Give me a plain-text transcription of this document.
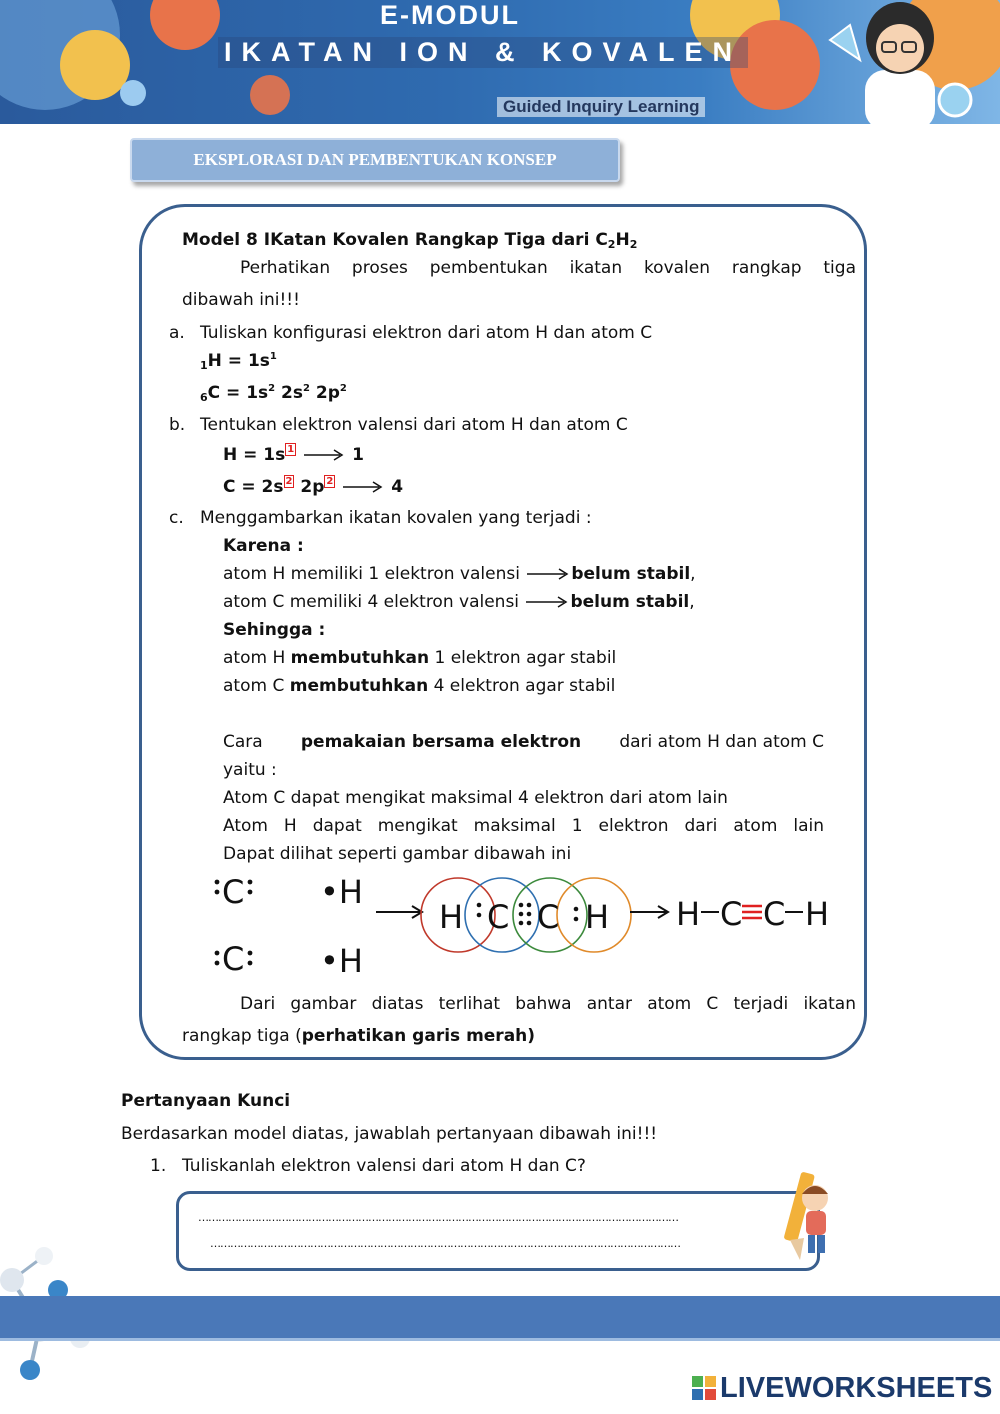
E-MODUL
IKATAN ION & KOVALEN
Guided Inquiry Learning
EKSPLORASI DAN PEMBENTUKAN KONSEP
Model 8 IKatan Kovalen Rangkap Tiga dari $C_2H_2$
Perhatikan proses pembentukan ikatan kovalen rangkap tiga
dibawah ini!!!
a. Tuliskan konfigurasi elektron dari atom H dan atom C
$_1H = 1s^1$
$_6C = 1s^2$ $2s^2$ $2p^2$
b. Tentukan elektron valensi dari atom H dan atom C
H = 1s 1	1
C = 2s 2 2p 2	4
c. Menggambarkan ikatan kovalen yang terjadi :
Karena :
atom H memiliki 1 elektron valensi	belum stabil,
atom C memiliki 4 elektron valensi	belum stabil,
Sehingga :
atom H membutuhkan 1 elektron agar stabil
atom C membutuhkan 4 elektron agar stabil
Cara pemakaian bersama elektron dari atom H dan atom C
yaitu :
Atom C dapat mengikat maksimal 4 elektron dari atom lain
Atom H dapat mengikat maksimal 1 elektron dari atom lain
Dapat dilihat seperti gambar dibawah ini
C
C
•H
•H
H C C H H C C H
Dari gambar diatas terlihat bahwa antar atom C terjadi ikatan
rangkap tiga (perhatikan garis merah)
Pertanyaan Kunci
Berdasarkan model diatas, jawablah pertanyaan dibawah ini!!!
1. Tuliskanlah elektron valensi dari atom H dan C?
………………………………………………………………………………………………………………………………
……………………………………………………………………………………………………………………………
LIVEWORKSHEETS
